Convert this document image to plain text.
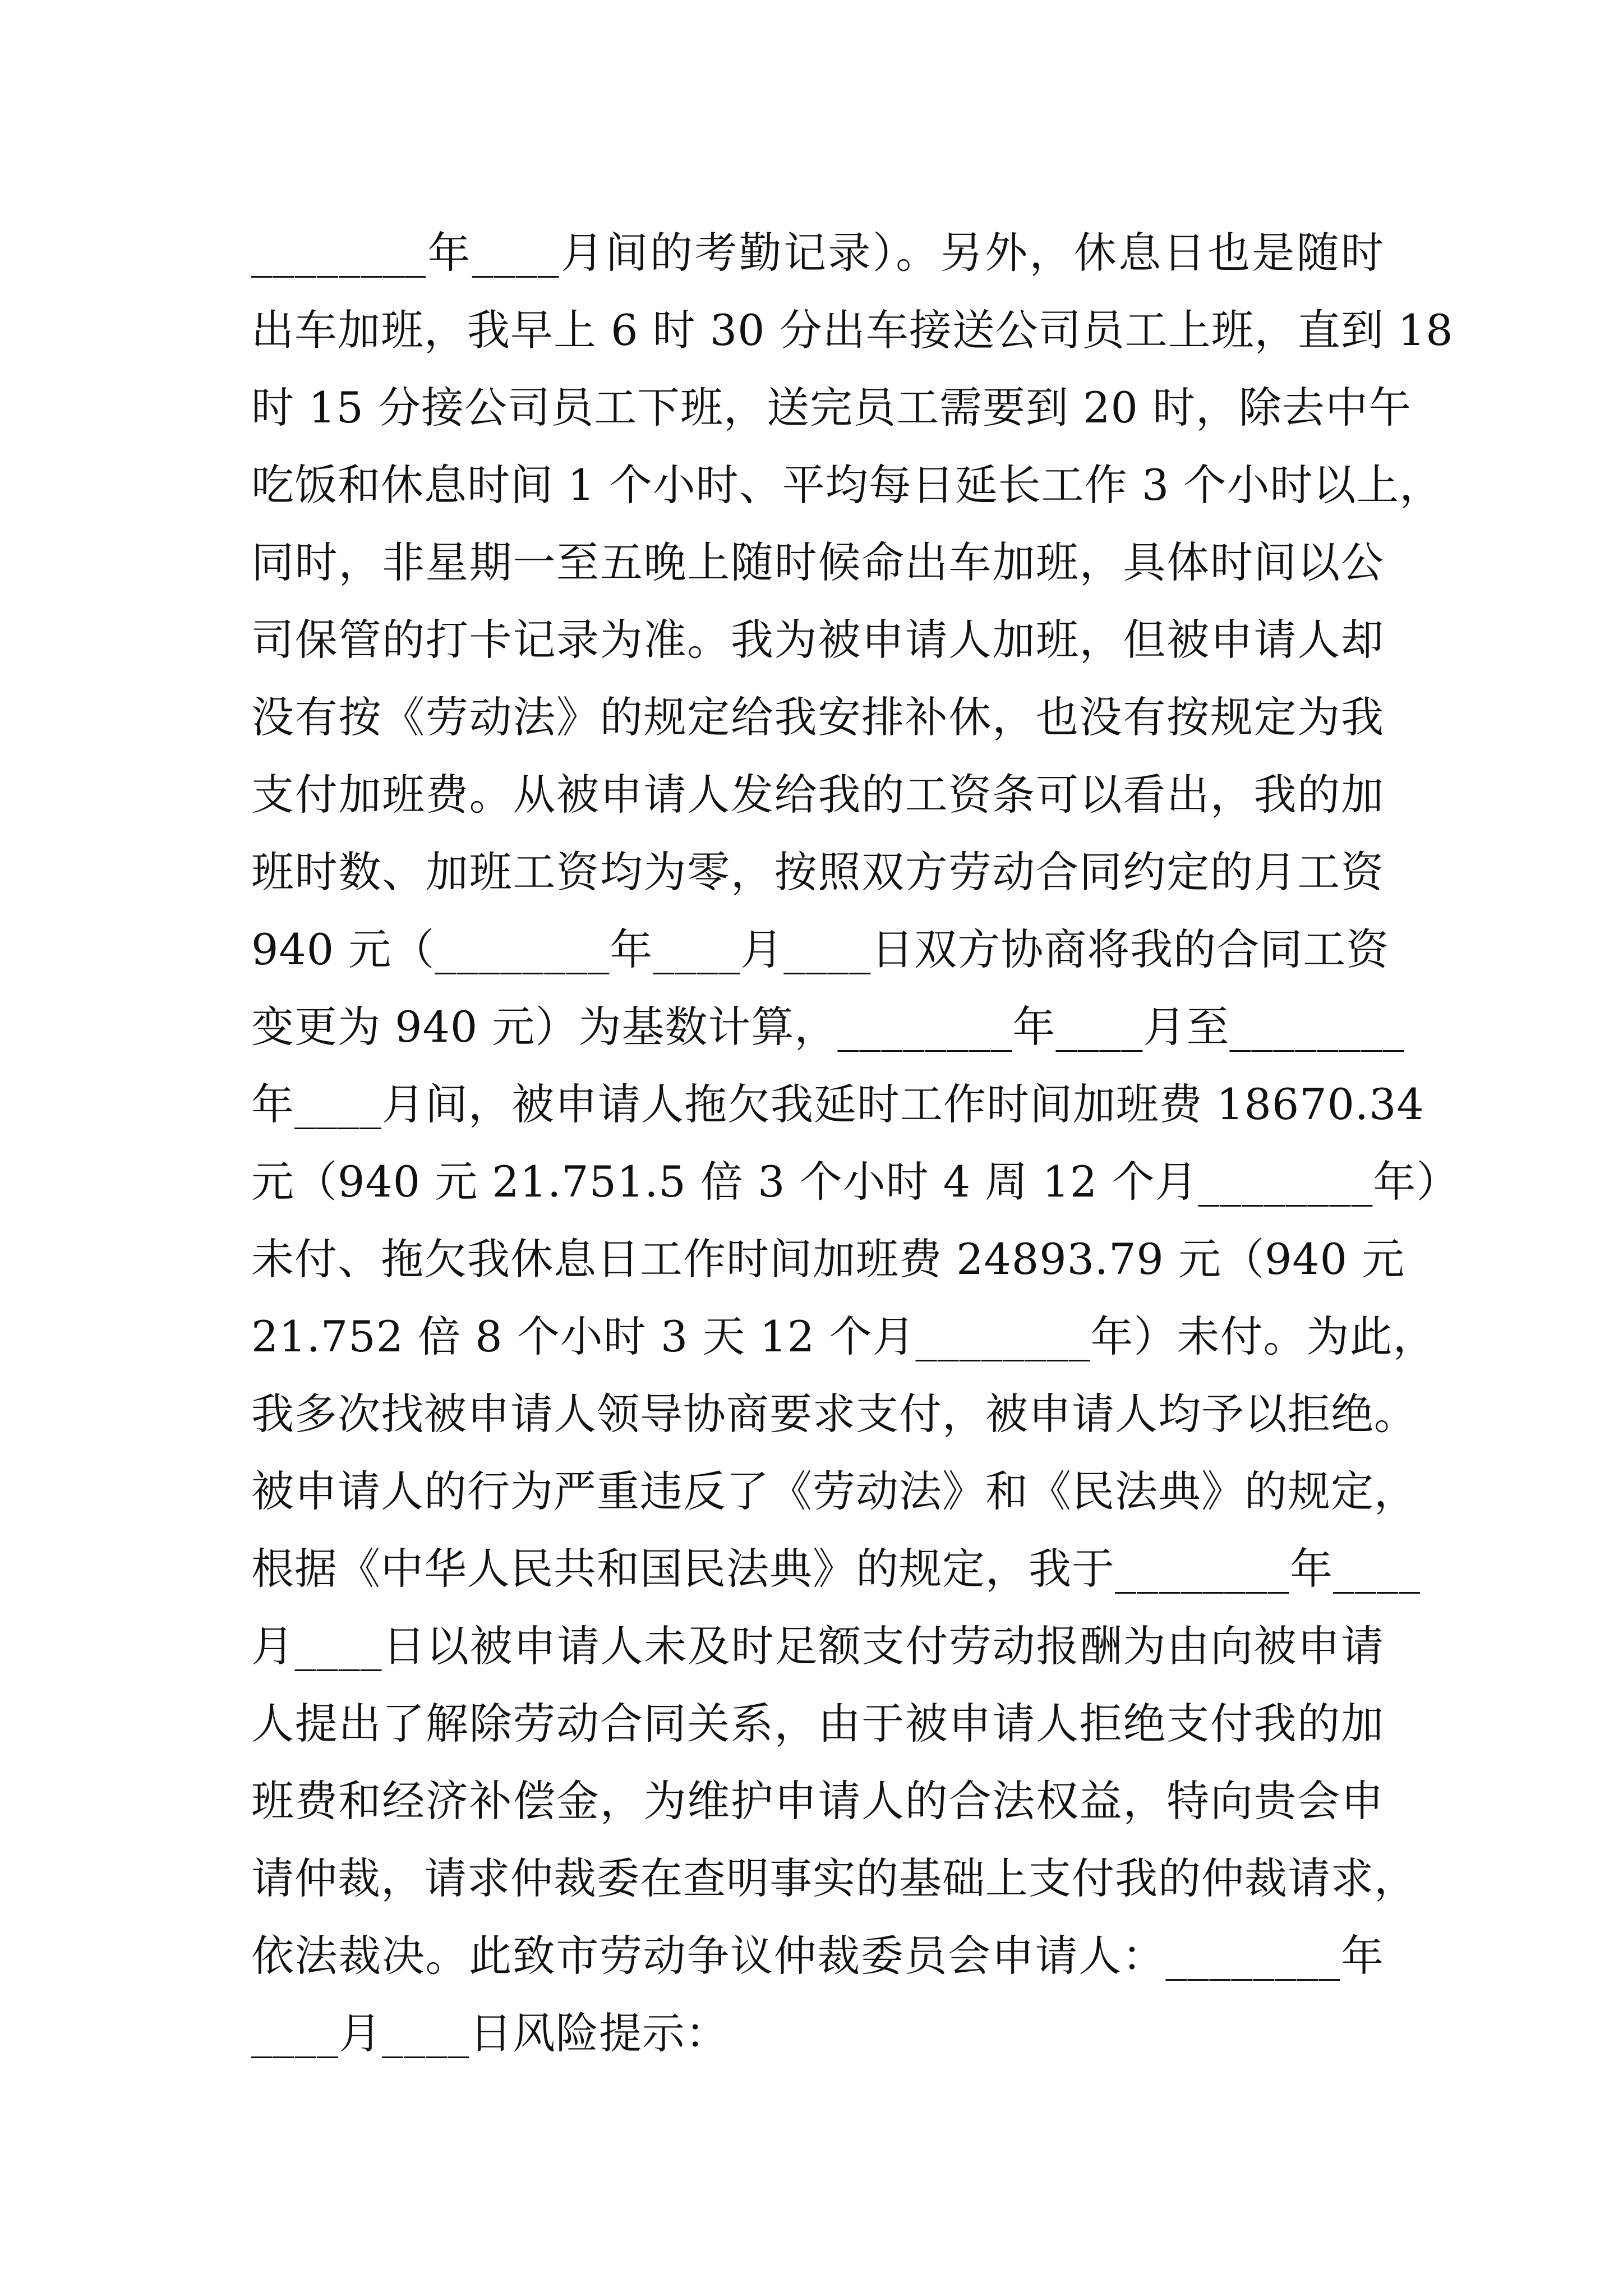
________年____月间的考勤记录）。另外，休息日也是随时
出车加班，我早上 6 时 30 分出车接送公司员工上班，直到 18
时 15 分接公司员工下班，送完员工需要到 20 时，除去中午
吃饭和休息时间 1 个小时、平均每日延长工作 3 个小时以上，
同时，非星期一至五晚上随时候命出车加班，具体时间以公
司保管的打卡记录为准。我为被申请人加班，但被申请人却
没有按《劳动法》的规定给我安排补休，也没有按规定为我
支付加班费。从被申请人发给我的工资条可以看出，我的加
班时数、加班工资均为零，按照双方劳动合同约定的月工资
940 元（________年____月____日双方协商将我的合同工资
变更为 940 元）为基数计算，________年____月至________
年____月间，被申请人拖欠我延时工作时间加班费 18670.34
元（940 元 21.751.5 倍 3 个小时 4 周 12 个月________年）
未付、拖欠我休息日工作时间加班费 24893.79 元（940 元
21.752 倍 8 个小时 3 天 12 个月________年）未付。为此，
我多次找被申请人领导协商要求支付，被申请人均予以拒绝。
被申请人的行为严重违反了《劳动法》和《民法典》的规定，
根据《中华人民共和国民法典》的规定，我于________年____
月____日以被申请人未及时足额支付劳动报酬为由向被申请
人提出了解除劳动合同关系，由于被申请人拒绝支付我的加
班费和经济补偿金，为维护申请人的合法权益，特向贵会申
请仲裁，请求仲裁委在查明事实的基础上支付我的仲裁请求，
依法裁决。此致市劳动争议仲裁委员会申请人：________年
____月____日风险提示：
